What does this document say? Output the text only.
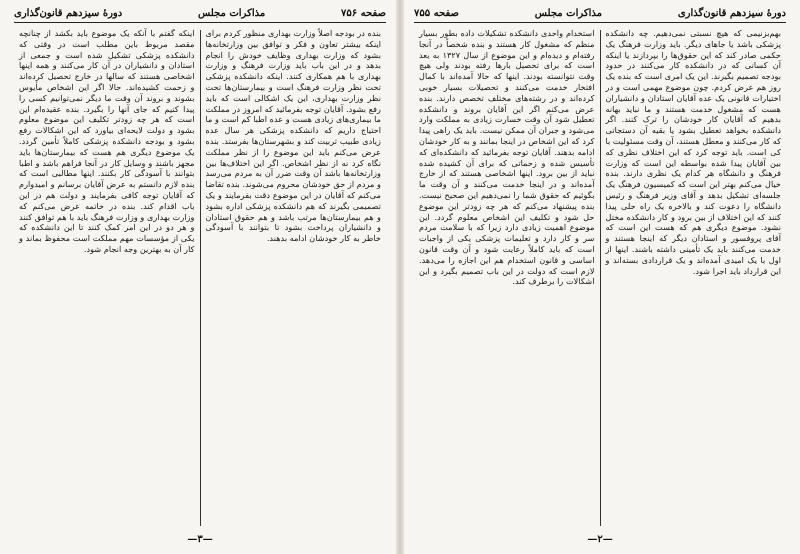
صفحه ۷۵۶
مذاکرات مجلس
دورهٔ سیزدهم قانون‌گذاری

بنده در بودجه اصلاً وزارت بهداری منظور کردم برای اینکه بیشتر تعاون و فکر و توافق بین وزارتخانه‌ها بشود که وزارت بهداری وظایف خودش را انجام بدهد و در این باب باید وزارت فرهنگ و وزارت بهداری با هم همکاری کنند. اینکه دانشکده پزشکی تحت نظر وزارت فرهنگ است و بیمارستان‌ها تحت نظر وزارت بهداری، این یک اشکالی است که باید رفع بشود. آقایان توجه بفرمائید که امروز در مملکت ما بیماری‌های زیادی هست و عده اطبا کم است و ما احتیاج داریم که دانشکده پزشکی هر سال عده زیادی طبیب تربیت کند و بشهرستان‌ها بفرستد. بنده عرض می‌کنم باید این موضوع را از نظر مملکت نگاه کرد نه از نظر اشخاص. اگر این اختلاف‌ها بین وزارتخانه‌ها باشد آن وقت ضرر آن به مردم می‌رسد و مردم از حق خودشان محروم می‌شوند. بنده تقاضا می‌کنم که آقایان در این موضوع دقت بفرمایند و یک تصمیمی بگیرند که هم دانشکده پزشکی اداره بشود و هم بیمارستان‌ها مرتب باشد و هم حقوق استادان و دانشیاران پرداخت بشود تا بتوانند با آسودگی خاطر به کار خودشان ادامه بدهند.

اینکه گفتم با آنکه یک موضوع باید بکشد از چنانچه مقصد مربوط باین مطلب است در وقتی که دانشکده پزشکی تشکیل شده است و جمعی از استادان و دانشیاران در آن کار می‌کنند و همه اینها اشخاصی هستند که سالها در خارج تحصیل کرده‌اند و زحمت کشیده‌اند. حالا اگر این اشخاص مأیوس بشوند و بروند آن وقت ما دیگر نمی‌توانیم کسی را پیدا کنیم که جای آنها را بگیرد. بنده عقیده‌ام این است که هر چه زودتر تکلیف این موضوع معلوم بشود و دولت لایحه‌ای بیاورد که این اشکالات رفع بشود و بودجه دانشکده پزشکی کاملاً تأمین گردد. یک موضوع دیگری هم هست که بیمارستان‌ها باید مجهز باشند و وسایل کار در آنجا فراهم باشد و اطبا بتوانند با آسودگی کار بکنند. اینها مطالبی است که بنده لازم دانستم به عرض آقایان برسانم و امیدوارم که آقایان توجه کافی بفرمایند و دولت هم در این باب اقدام کند. بنده در خاتمه عرض می‌کنم که وزارت بهداری و وزارت فرهنگ باید با هم توافق کنند و هر دو در این امر کمک کنند تا این دانشکده که یکی از مؤسسات مهم مملکت است محفوظ بماند و کار آن به بهترین وجه انجام شود.

—۳—
دورهٔ سیزدهم قانون‌گذاری
مذاکرات مجلس
صفحه ۷۵۵

بهم‌بزنیمی که هیچ نسبتی نمی‌دهیم. چه دانشکده پزشکی باشد یا جاهای دیگر. باید وزارت فرهنگ یک حکمی صادر کند که این حقوق‌ها را بپردازند یا اینکه آن کسانی که در دانشکده کار می‌کنند در حدود بودجه تصمیم بگیرند. این یک امری است که بنده یک روز هم عرض کردم. چون موضوع مهمی است و در اختیارات قانونی یک عده آقایان استادان و دانشیاران هست که مشغول خدمت هستند و ما نباید بهانه بدهیم که آقایان کار خودشان را ترک کنند. اگر دانشکده بخواهد تعطیل بشود یا بقیه آن دستجاتی که کار می‌کنند و معطل هستند، آن وقت مسئولیت با کی است. باید توجه کرد که این اختلاف نظری که بین آقایان پیدا شده بواسطه این است که وزارت فرهنگ و دانشگاه هر کدام یک نظری دارند. بنده خیال می‌کنم بهتر این است که کمیسیون فرهنگ یک جلسه‌ای تشکیل بدهد و آقای وزیر فرهنگ و رئیس دانشگاه را دعوت کند و بالاخره یک راه حلی پیدا کنند که این اختلاف از بین برود و کار دانشکده مختل نشود. موضوع دیگری هم که هست این است که آقای پروفسور و استادان دیگر که اینجا هستند و خدمت می‌کنند باید یک تأمینی داشته باشند. اینها از اول با یک امیدی آمده‌اند و یک قراردادی بسته‌اند و این قرارداد باید اجرا شود.

استخدام واحدی دانشکده تشکیلات داده بطور بسیار منظم که مشغول کار هستند و بنده شخصاً در آنجا رفته‌ام و دیده‌ام و این موضوع از سال ۱۳۲۷ به بعد است که برای تحصیل بارها رفته بودند ولی هیچ وقت نتوانسته بودند. اینها که حالا آمده‌اند با کمال افتخار خدمت می‌کنند و تحصیلات بسیار خوبی کرده‌اند و در رشته‌های مختلف تخصص دارند. بنده عرض می‌کنم اگر این آقایان بروند و دانشکده تعطیل شود آن وقت خسارت زیادی به مملکت وارد می‌شود و جبران آن ممکن نیست. باید یک راهی پیدا کرد که این اشخاص در اینجا بمانند و به کار خودشان ادامه بدهند. آقایان توجه بفرمائید که دانشکده‌ای که تأسیس شده و زحماتی که برای آن کشیده شده نباید از بین برود. اینها اشخاصی هستند که از خارج آمده‌اند و در اینجا خدمت می‌کنند و آن وقت ما بگوئیم که حقوق شما را نمی‌دهیم این صحیح نیست. بنده پیشنهاد می‌کنم که هر چه زودتر این موضوع حل شود و تکلیف این اشخاص معلوم گردد. این موضوع اهمیت زیادی دارد زیرا که با سلامت مردم سر و کار دارد و تعلیمات پزشکی یکی از واجبات است که باید کاملاً رعایت شود و آن وقت قانون اساسی و قانون استخدام هم این اجازه را می‌دهد. لازم است که دولت در این باب تصمیم بگیرد و این اشکالات را برطرف کند.

—۲—
